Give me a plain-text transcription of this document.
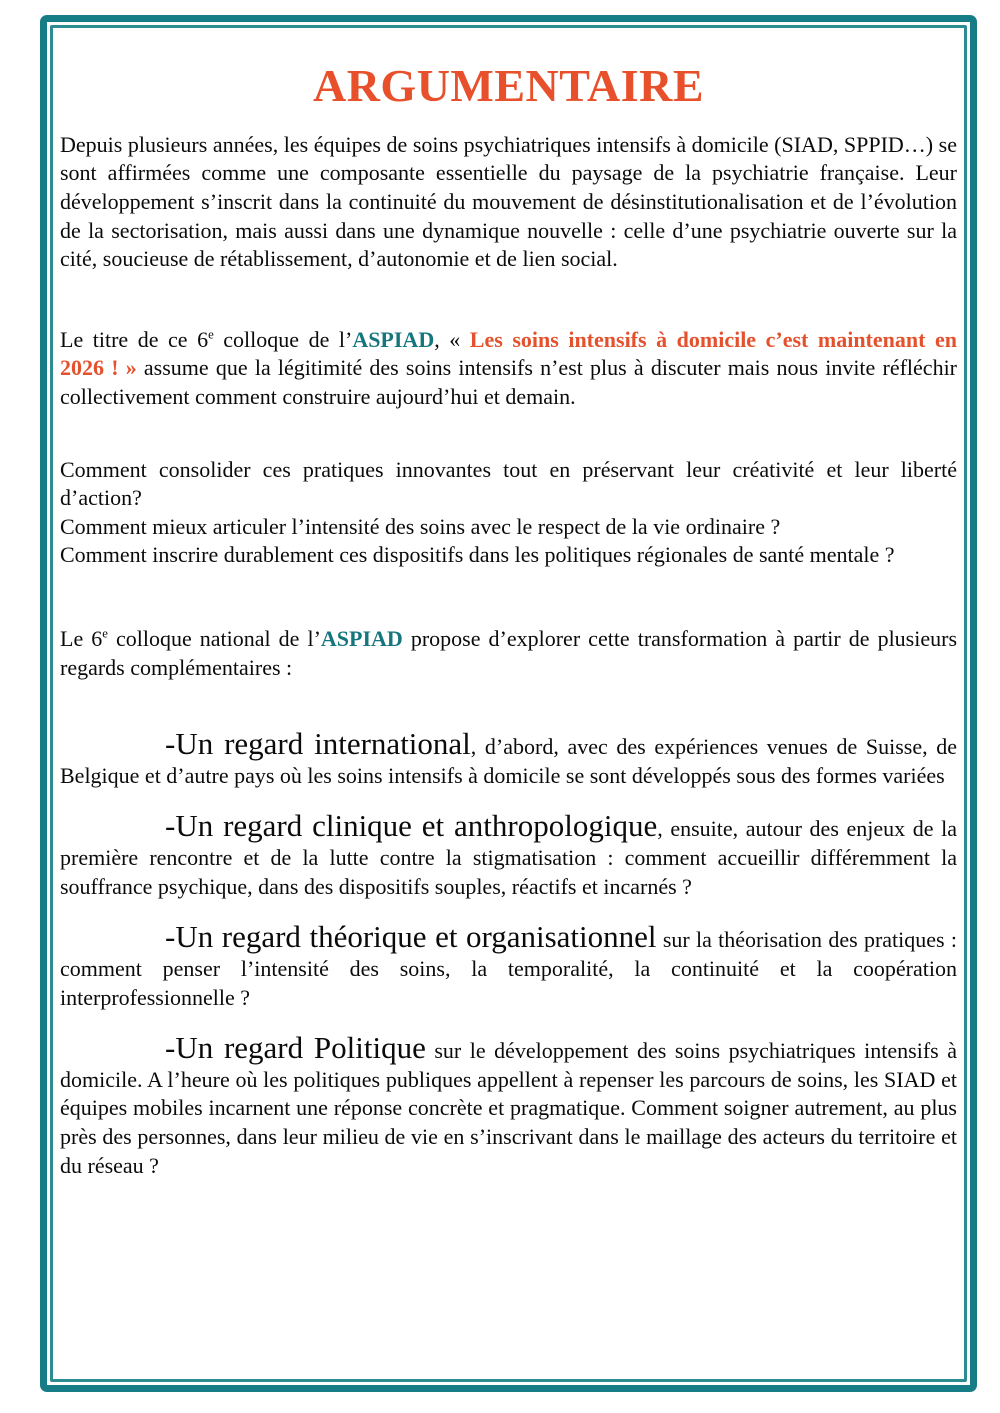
ARGUMENTAIRE

Depuis plusieurs années, les équipes de soins psychiatriques intensifs à domicile (SIAD, SPPID…) se sont affirmées comme une composante essentielle du paysage de la psychiatrie française. Leur développement s’inscrit dans la continuité du mouvement de désinstitutionalisation et de l’évolution de la sectorisation, mais aussi dans une dynamique nouvelle : celle d’une psychiatrie ouverte sur la cité, soucieuse de rétablissement, d’autonomie et de lien social.

Le titre de ce 6e colloque de l’ASPIAD, « Les soins intensifs à domicile c’est maintenant en 2026 ! » assume que la légitimité des soins intensifs n’est plus à discuter mais nous invite réfléchir collectivement comment construire aujourd’hui et demain.

Comment consolider ces pratiques innovantes tout en préservant leur créativité et leur liberté d’action?

Comment mieux articuler l’intensité des soins avec le respect de la vie ordinaire ?

Comment inscrire durablement ces dispositifs dans les politiques régionales de santé mentale ?

Le 6e colloque national de l’ASPIAD propose d’explorer cette transformation à partir de plusieurs regards complémentaires :

-Un regard international, d’abord, avec des expériences venues de Suisse, de Belgique et d’autre pays où les soins intensifs à domicile se sont développés sous des formes variées

-Un regard clinique et anthropologique, ensuite, autour des enjeux de la première rencontre et de la lutte contre la stigmatisation : comment accueillir différemment la souffrance psychique, dans des dispositifs souples, réactifs et incarnés ?

-Un regard théorique et organisationnel sur la théorisation des pratiques : comment penser l’intensité des soins, la temporalité, la continuité et la coopération interprofessionnelle ?

-Un regard Politique sur le développement des soins psychiatriques intensifs à domicile. A l’heure où les politiques publiques appellent à repenser les parcours de soins, les SIAD et équipes mobiles incarnent une réponse concrète et pragmatique. Comment soigner autrement, au plus près des personnes, dans leur milieu de vie en s’inscrivant dans le maillage des acteurs du territoire et du réseau ?
